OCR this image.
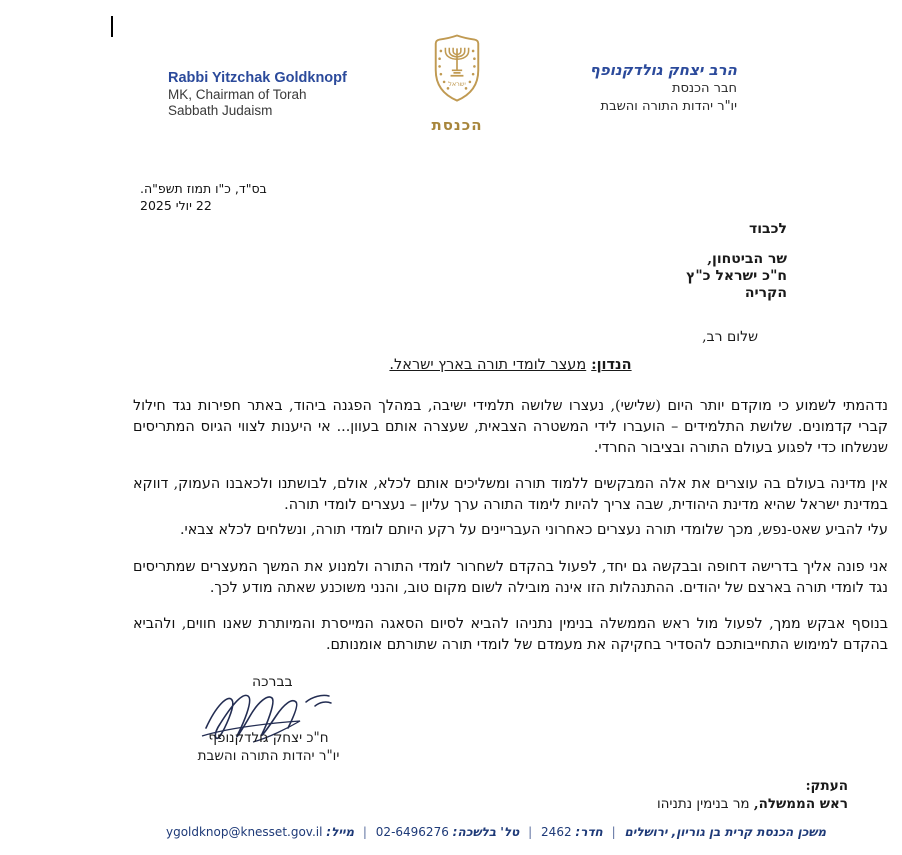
Rabbi Yitzchak Goldknopf
MK, Chairman of Torah
Sabbath Judaism
ישראל
הכנסת
הרב יצחק גולדקנופף
חבר הכנסת
יו"ר יהדות התורה והשבת
בס"ד, כ"ו תמוז תשפ"ה.
22 יולי 2025
לכבוד
שר הביטחון,
ח"כ ישראל כ"ץ
הקריה
שלום רב,
הנדון:מעצר לומדי תורה בארץ ישראל.

נדהמתי לשמוע כי מוקדם יותר היום (שלישי), נעצרו שלושה תלמידי ישיבה, במהלך הפגנה ביהוד, באתר חפירות נגד חילול קברי קדמונים. שלושת התלמידים – הועברו לידי המשטרה הצבאית, שעצרה אותם בעוון... אי היענות לצווי הגיוס המתריסים שנשלחו כדי לפגוע בעולם התורה ובציבור החרדי.

אין מדינה בעולם בה עוצרים את אלה המבקשים ללמוד תורה ומשליכים אותם לכלא, אולם, לבושתנו ולכאבנו העמוק, דווקא במדינת ישראל שהיא מדינת היהודית, שבה צריך להיות לימוד התורה ערך עליון – נעצרים לומדי תורה.

עלי להביע שאט-נפש, מכך שלומדי תורה נעצרים כאחרוני העבריינים על רקע היותם לומדי תורה, ונשלחים לכלא צבאי.

אני פונה אליך בדרישה דחופה ובבקשה גם יחד, לפעול בהקדם לשחרור לומדי התורה ולמנוע את המשך המעצרים שמתריסים נגד לומדי תורה בארצם של יהודים. ההתנהלות הזו אינה מובילה לשום מקום טוב, והנני משוכנע שאתה מודע לכך.

בנוסף אבקש ממך, לפעול מול ראש הממשלה בנימין נתניהו להביא לסיום הסאגה המייסרת והמיותרת שאנו חווים, ולהביא בהקדם למימוש התחייבותכם להסדיר בחקיקה את מעמדם של לומדי תורה שתורתם אומנותם.

בברכה
ח"כ יצחק גולדקנופף
יו"ר יהדות התורה והשבת
העתק:
ראש הממשלה, מר בנימין נתניהו
משכן הכנסת קרית בן גוריון, ירושלים | חדר: 2462 | טל' בלשכה: 02-6496276 | מייל: ygoldknop@knesset.gov.il
